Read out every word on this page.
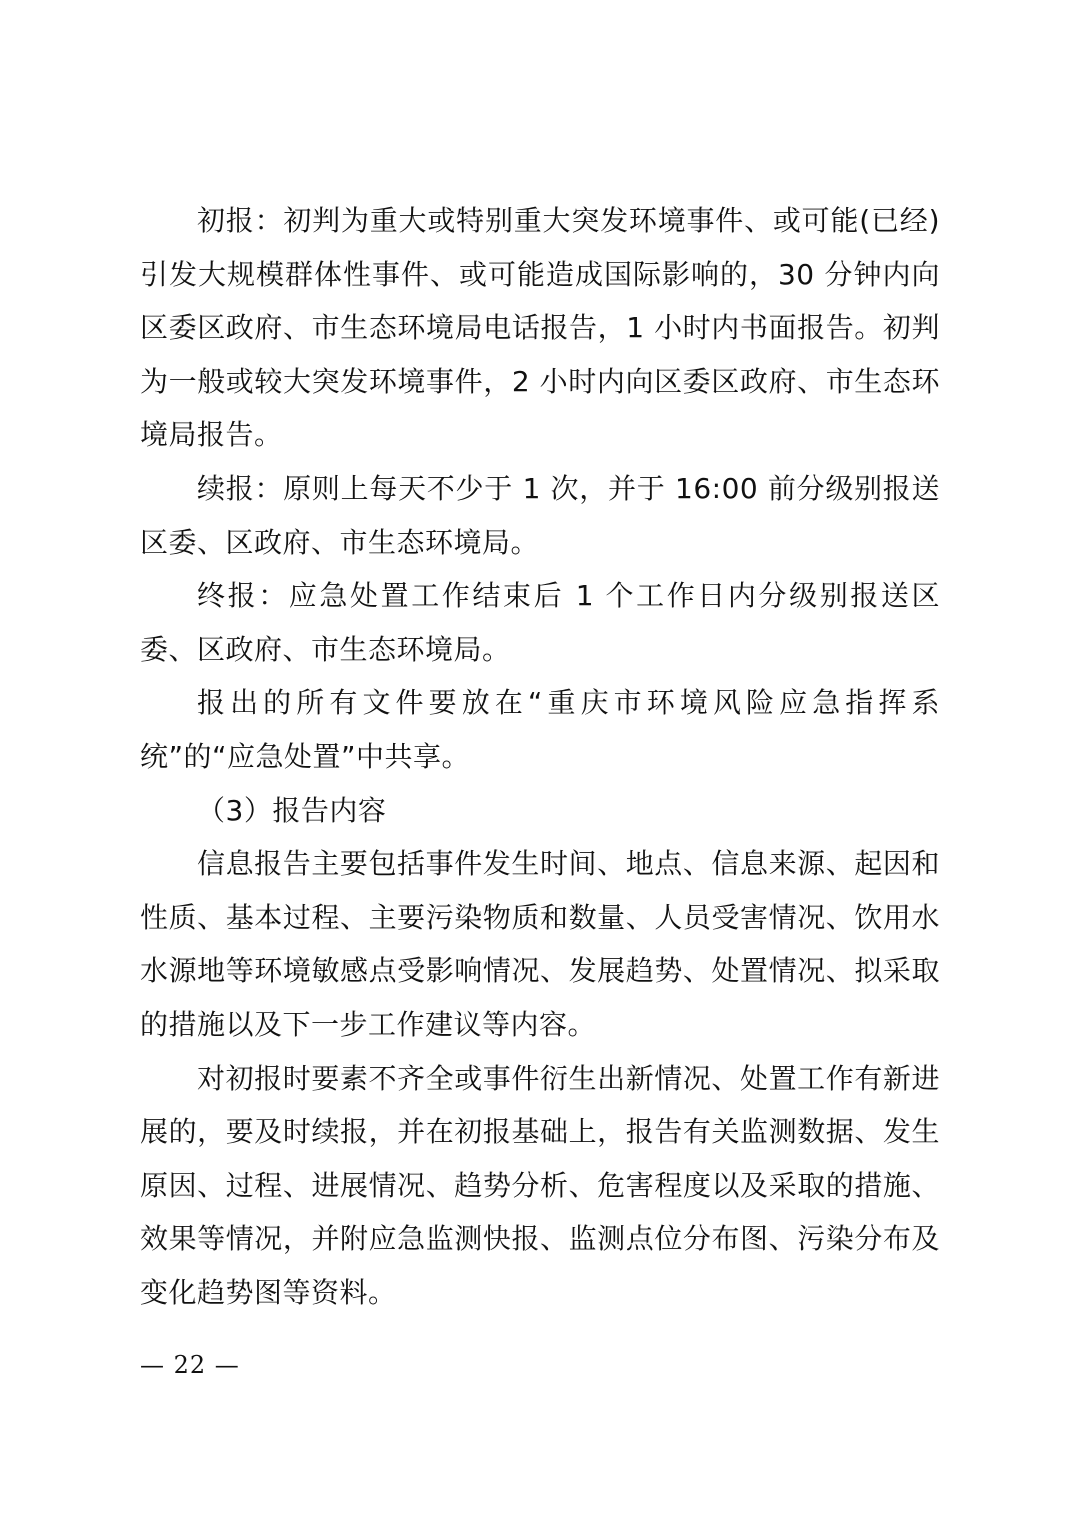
初报：初判为重大或特别重大突发环境事件、或可能(已经)引发大规模群体性事件、或可能造成国际影响的，30 分钟内向区委区政府、市生态环境局电话报告，1 小时内书面报告。初判为一般或较大突发环境事件，2 小时内向区委区政府、市生态环境局报告。

续报：原则上每天不少于 1 次，并于 16:00 前分级别报送区委、区政府、市生态环境局。

终报：应急处置工作结束后 1 个工作日内分级别报送区委、区政府、市生态环境局。

报出的所有文件要放在“重庆市环境风险应急指挥系统”的“应急处置”中共享。

（3）报告内容

信息报告主要包括事件发生时间、地点、信息来源、起因和性质、基本过程、主要污染物质和数量、人员受害情况、饮用水水源地等环境敏感点受影响情况、发展趋势、处置情况、拟采取的措施以及下一步工作建议等内容。

对初报时要素不齐全或事件衍生出新情况、处置工作有新进展的，要及时续报，并在初报基础上，报告有关监测数据、发生原因、过程、进展情况、趋势分析、危害程度以及采取的措施、效果等情况，并附应急监测快报、监测点位分布图、污染分布及变化趋势图等资料。

— 22 —
